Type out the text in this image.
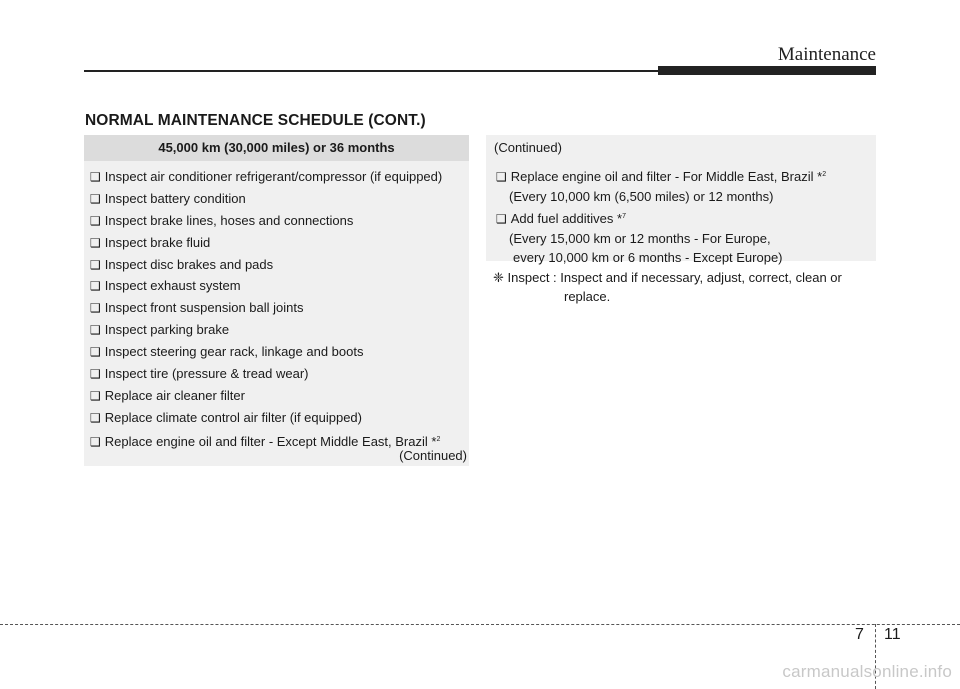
Maintenance
NORMAL MAINTENANCE SCHEDULE (CONT.)
45,000 km (30,000 miles) or 36 months
❑ Inspect air conditioner refrigerant/compressor (if equipped)
❑ Inspect battery condition
❑ Inspect brake lines, hoses and connections
❑ Inspect brake fluid
❑ Inspect disc brakes and pads
❑ Inspect exhaust system
❑ Inspect front suspension ball joints
❑ Inspect parking brake
❑ Inspect steering gear rack, linkage and boots
❑ Inspect tire (pressure & tread wear)
❑ Replace air cleaner filter
❑ Replace climate control air filter (if equipped)
❑ Replace engine oil and filter - Except Middle East, Brazil *$^2$
(Continued)
(Continued)
❑ Replace engine oil and filter - For Middle East, Brazil *$^2$
(Every 10,000 km (6,500 miles) or 12 months)
❑ Add fuel additives *$^7$
(Every 15,000 km or 12 months - For Europe,
every 10,000 km or 6 months - Except Europe)
❈ Inspect : Inspect and if necessary, adjust, correct, clean or
replace.
7 11
carmanualsonline.info
